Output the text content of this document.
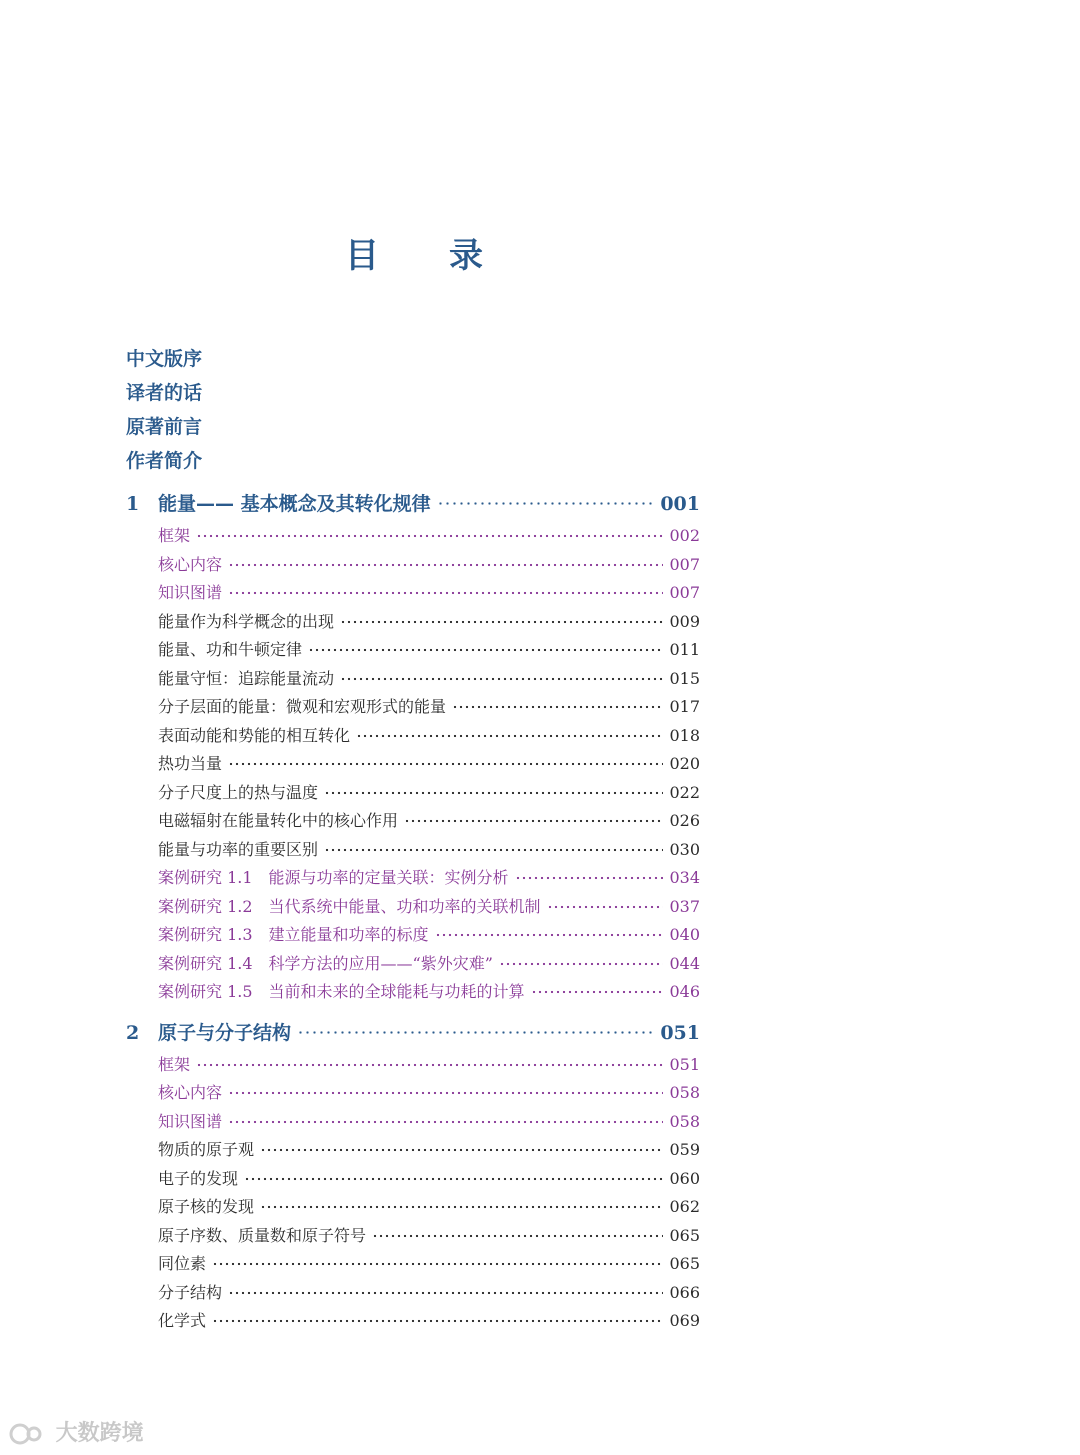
目 录
中文版序
译者的话
原著前言
作者简介
1 能量—— 基本概念及其转化规律	001
框架	002
核心内容	007
知识图谱	007
能量作为科学概念的出现	009
能量、功和牛顿定律	011
能量守恒：追踪能量流动	015
分子层面的能量：微观和宏观形式的能量	017
表面动能和势能的相互转化	018
热功当量	020
分子尺度上的热与温度	022
电磁辐射在能量转化中的核心作用	026
能量与功率的重要区别	030
案例研究 1.1 能源与功率的定量关联：实例分析	034
案例研究 1.2 当代系统中能量、功和功率的关联机制	037
案例研究 1.3 建立能量和功率的标度	040
案例研究 1.4 科学方法的应用——“紫外灾难”	044
案例研究 1.5 当前和未来的全球能耗与功耗的计算	046
2 原子与分子结构	051
框架	051
核心内容	058
知识图谱	058
物质的原子观	059
电子的发现	060
原子核的发现	062
原子序数、质量数和原子符号	065
同位素	065
分子结构	066
化学式	069
大数跨境
